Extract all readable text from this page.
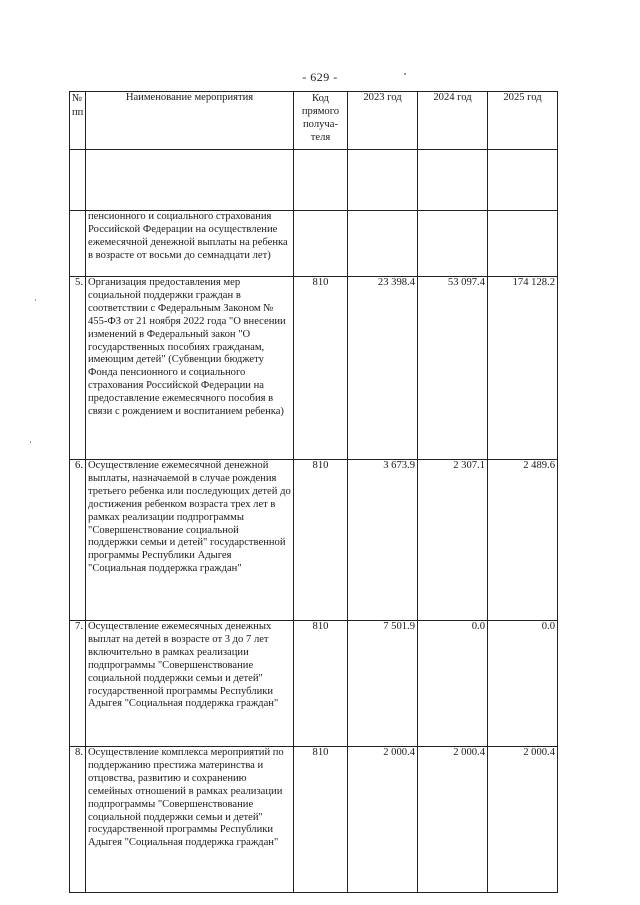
- 629 -
№ пп	Наименование мероприятия	Код прямого получа-теля	2023 год	2024 год	2025 год

	пенсионного и социального страхования Российской Федерации на осуществление ежемесячной денежной выплаты на ребенка в возрасте от восьми до семнадцати лет)				
5.	Организация предоставления мер социальной поддержки граждан в соответствии с Федеральным Законом № 455-ФЗ от 21 ноября 2022 года "О внесении изменений в Федеральный закон "О государственных пособиях гражданам, имеющим детей" (Субвенции бюджету Фонда пенсионного и социального страхования Российской Федерации на предоставление ежемесячного пособия в связи с рождением и воспитанием ребенка)	810	23 398.4	53 097.4	174 128.2
6.	Осуществление ежемесячной денежной выплаты, назначаемой в случае рождения третьего ребенка или последующих детей до достижения ребенком возраста трех лет в рамках реализации подпрограммы "Совершенствование социальной поддержки семьи и детей" государственной программы Республики Адыгея "Социальная поддержка граждан"	810	3 673.9	2 307.1	2 489.6
7.	Осуществление ежемесячных денежных выплат на детей в возрасте от 3 до 7 лет включительно в рамках реализации подпрограммы "Совершенствование социальной поддержки семьи и детей" государственной программы Республики Адыгея "Социальная поддержка граждан"	810	7 501.9	0.0	0.0
8.	Осуществление комплекса мероприятий по поддержанию престижа материнства и отцовства, развитию и сохранению семейных отношений в рамках реализации подпрограммы "Совершенствование социальной поддержки семьи и детей" государственной программы Республики Адыгея "Социальная поддержка граждан"	810	2 000.4	2 000.4	2 000.4
